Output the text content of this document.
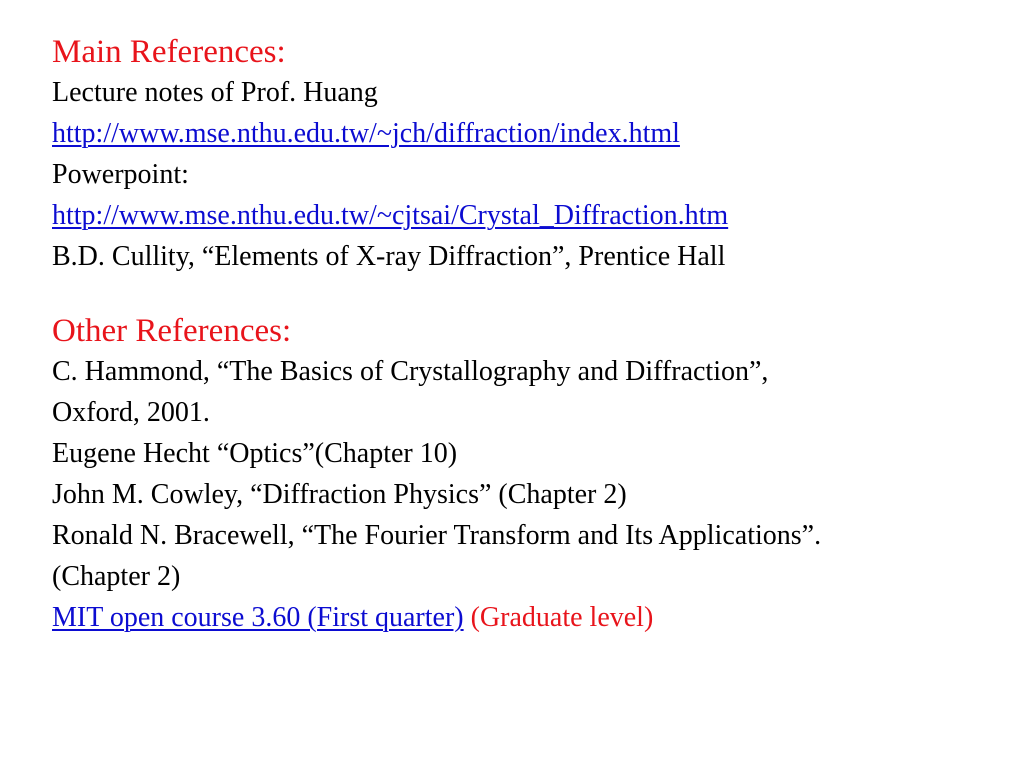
Main References:

Lecture notes of Prof. Huang

http://www.mse.nthu.edu.tw/~jch/diffraction/index.html

Powerpoint:

http://www.mse.nthu.edu.tw/~cjtsai/Crystal_Diffraction.htm

B.D. Cullity, “Elements of X-ray Diffraction”, Prentice Hall

Other References:

C. Hammond, “The Basics of Crystallography and Diffraction”,

Oxford, 2001.

Eugene Hecht “Optics”(Chapter 10)

John M. Cowley, “Diffraction Physics” (Chapter 2)

Ronald N. Bracewell, “The Fourier Transform and Its Applications”.

(Chapter 2)

MIT open course 3.60 (First quarter) (Graduate level)
